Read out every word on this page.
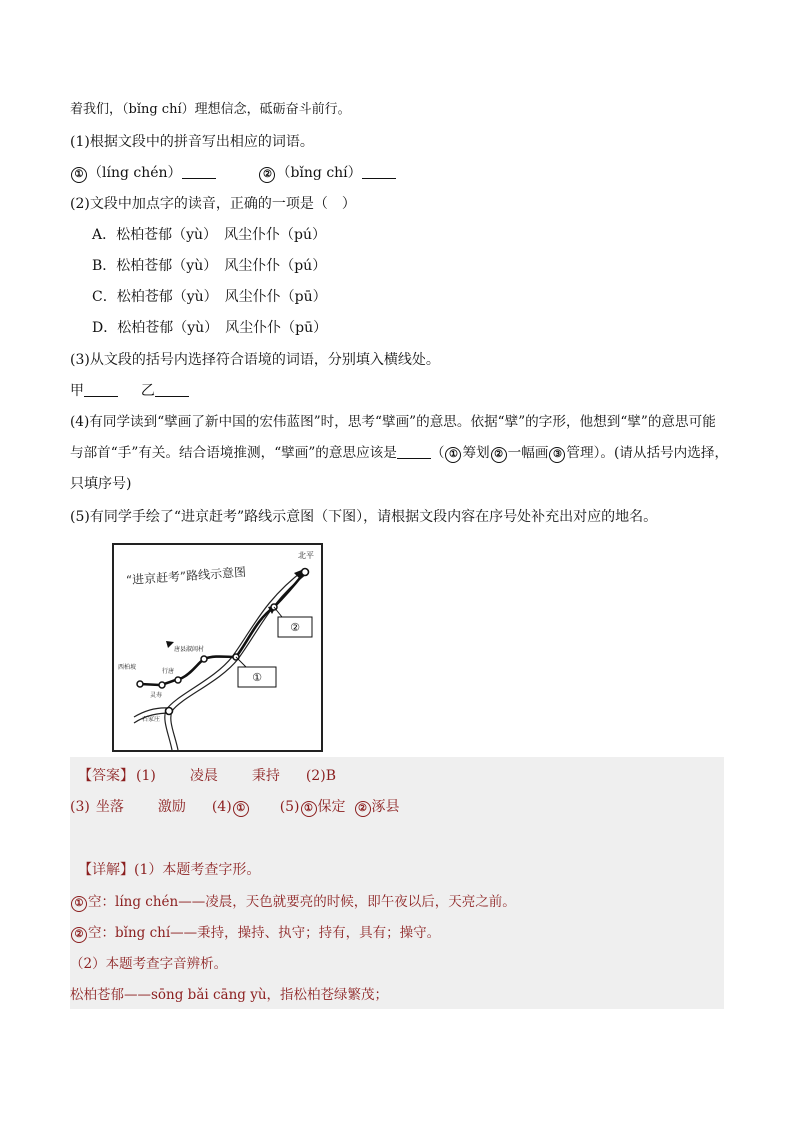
着我们，（bǐng chí）理想信念，砥砺奋斗前行。
(1)根据文段中的拼音写出相应的词语。
① （líng chén）	② （bǐng chí）
(2)文段中加点字的读音，正确的一项是（　）
A．松柏苍郁（yù）　风尘仆仆（pú）
B．松柏苍郁（yù）　风尘仆仆（pú）
C．松柏苍郁（yù）　风尘仆仆（pū）
D．松柏苍郁（yù）　风尘仆仆（pū）
(3)从文段的括号内选择符合语境的词语，分别填入横线处。
甲	乙
(4)有同学读到“擘画了新中国的宏伟蓝图”时，思考“擘画”的意思。依据“擘”的字形，他想到“擘”的意思可能
与部首“手”有关。结合语境推测，“擘画”的意思应该是	（ ① 筹划 ② 一幅画 ③ 管理）。(请从括号内选择，
只填序号)
(5)有同学手绘了“进京赶考”路线示意图（下图），请根据文段内容在序号处补充出对应的地名。
“进京赶考”路线示意图
北平
①
②
西柏坡
灵寿
行唐
唐县淑闾村
石家庄
【答案】 (1) 凌晨 秉持 (2)B
(3) 坐落 激励 (4) ① (5) ① 保定 ② 涿县
【详解】(1）本题考查字形。
① 空：líng chén——凌晨，天色就要亮的时候，即午夜以后，天亮之前。
② 空：bǐng chí——秉持，操持、执守；持有，具有；操守。
（2）本题考查字音辨析。
松柏苍郁——sōng bǎi cāng yù，指松柏苍绿繁茂；
